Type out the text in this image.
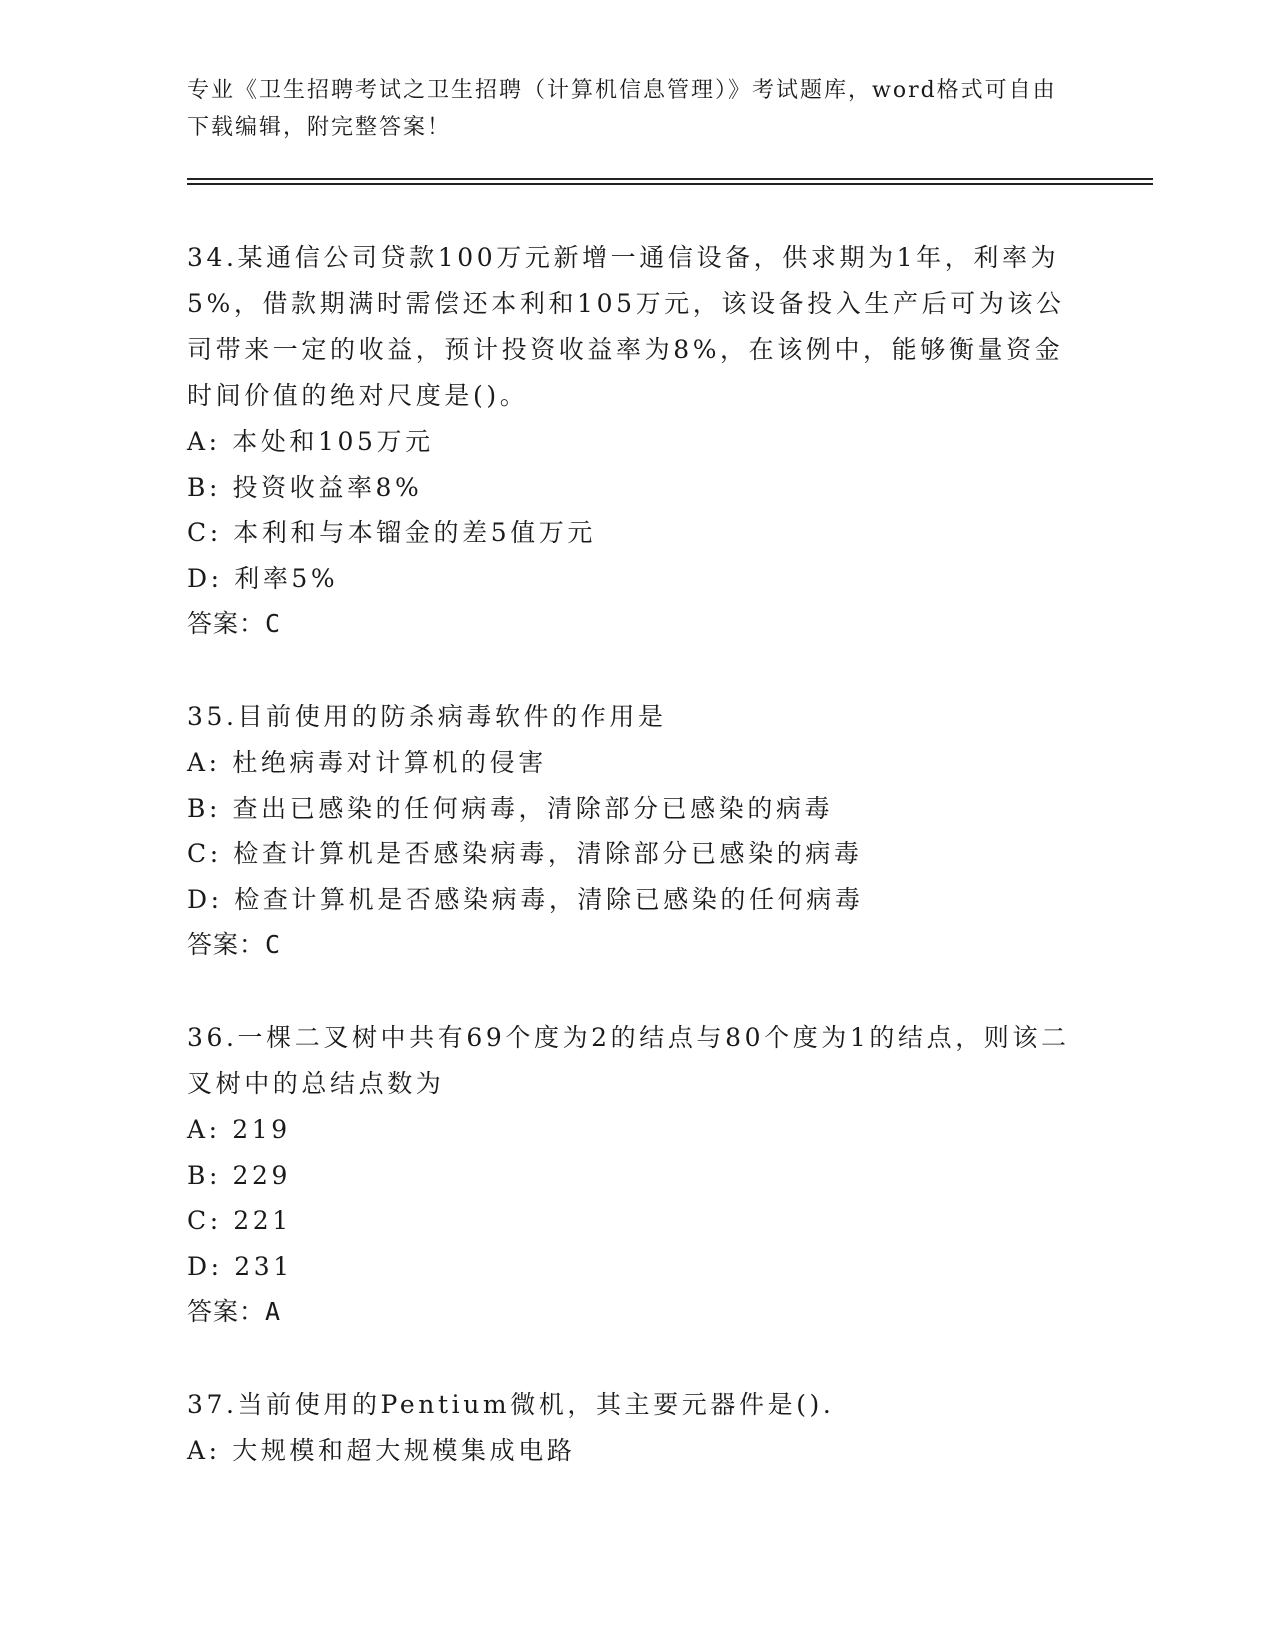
专业《卫生招聘考试之卫生招聘（计算机信息管理）》考试题库，word格式可自由下载编辑，附完整答案！

34.某通信公司贷款100万元新增一通信设备，供求期为1年，利率为5%，借款期满时需偿还本利和105万元，该设备投入生产后可为该公司带来一定的收益，预计投资收益率为8%，在该例中，能够衡量资金时间价值的绝对尺度是()。

A: 本处和105万元

B: 投资收益率8%

C: 本利和与本镏金的差5值万元

D: 利率5%

答案：C

35.目前使用的防杀病毒软件的作用是

A: 杜绝病毒对计算机的侵害

B: 查出已感染的任何病毒，清除部分已感染的病毒

C: 检查计算机是否感染病毒，清除部分已感染的病毒

D: 检查计算机是否感染病毒，清除已感染的任何病毒

答案：C

36.一棵二叉树中共有69个度为2的结点与80个度为1的结点，则该二叉树中的总结点数为

A: 219

B: 229

C: 221

D: 231

答案：A

37.当前使用的Pentium微机，其主要元器件是().

A: 大规模和超大规模集成电路
